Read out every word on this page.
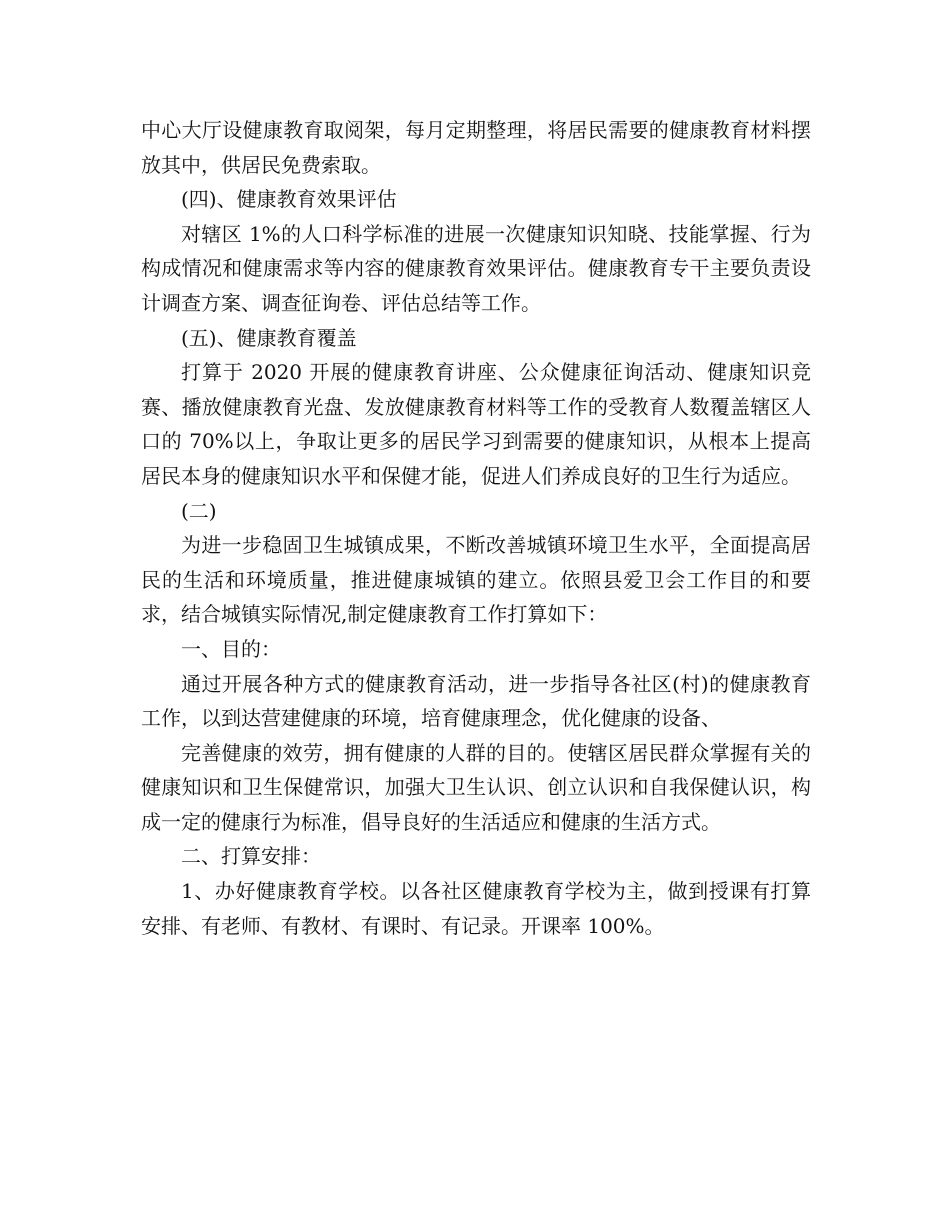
中心大厅设健康教育取阅架，每月定期整理，将居民需要的健康教育材料摆放其中，供居民免费索取。

(四)、健康教育效果评估

对辖区 1%的人口科学标准的进展一次健康知识知晓、技能掌握、行为构成情况和健康需求等内容的健康教育效果评估。健康教育专干主要负责设计调查方案、调查征询卷、评估总结等工作。

(五)、健康教育覆盖

打算于 2020 开展的健康教育讲座、公众健康征询活动、健康知识竞赛、播放健康教育光盘、发放健康教育材料等工作的受教育人数覆盖辖区人口的 70%以上，争取让更多的居民学习到需要的健康知识，从根本上提高居民本身的健康知识水平和保健才能，促进人们养成良好的卫生行为适应。

(二)

为进一步稳固卫生城镇成果，不断改善城镇环境卫生水平，全面提高居民的生活和环境质量，推进健康城镇的建立。依照县爱卫会工作目的和要求，结合城镇实际情况,制定健康教育工作打算如下：

一、目的：

通过开展各种方式的健康教育活动，进一步指导各社区(村)的健康教育工作，以到达营建健康的环境，培育健康理念，优化健康的设备、

完善健康的效劳，拥有健康的人群的目的。使辖区居民群众掌握有关的健康知识和卫生保健常识，加强大卫生认识、创立认识和自我保健认识，构成一定的健康行为标准，倡导良好的生活适应和健康的生活方式。

二、打算安排：

1、办好健康教育学校。以各社区健康教育学校为主，做到授课有打算安排、有老师、有教材、有课时、有记录。开课率 100%。
